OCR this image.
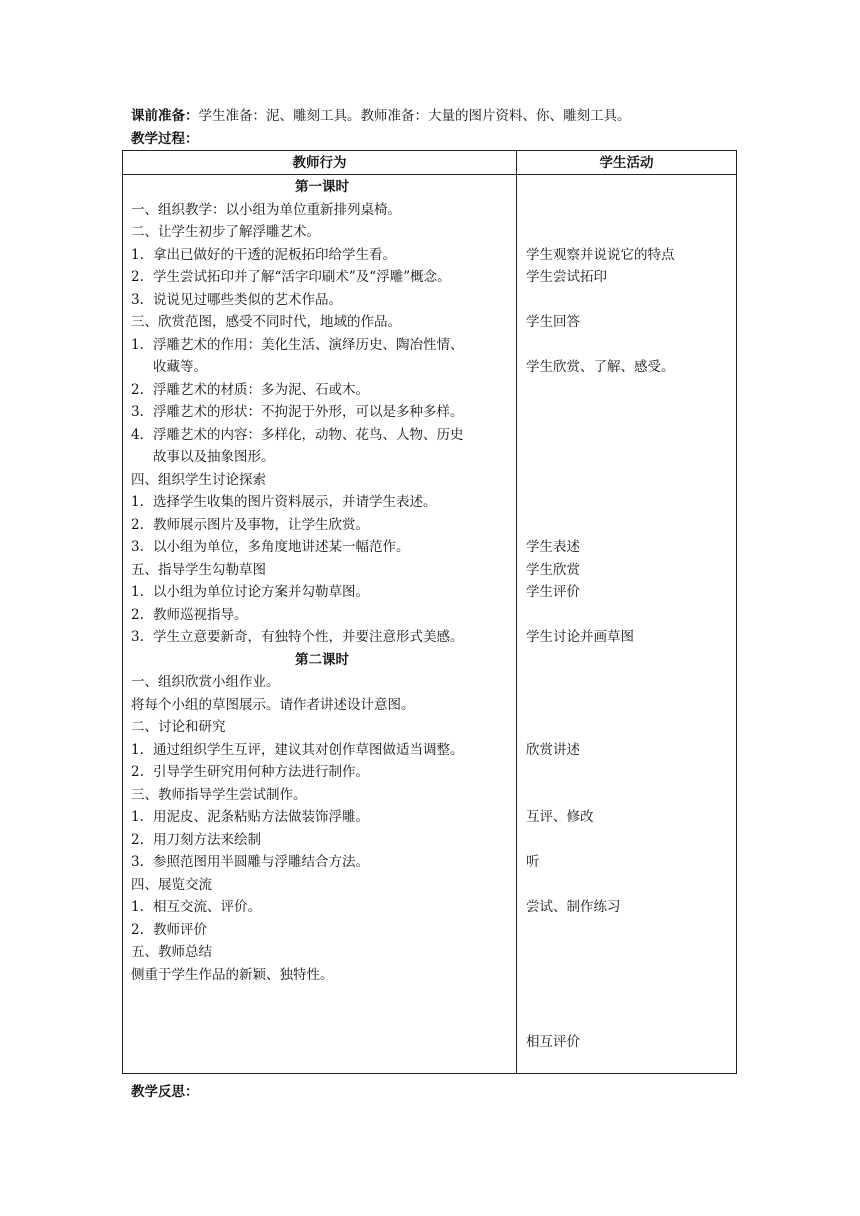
课前准备：学生准备：泥、雕刻工具。教师准备：大量的图片资料、你、雕刻工具。
教学过程：
教师行为	学生活动
第一课时
一、组织教学：以小组为单位重新排列桌椅。
二、让学生初步了解浮雕艺术。
1. 拿出已做好的干透的泥板拓印给学生看。
2. 学生尝试拓印并了解“活字印刷术”及“浮雕”概念。
3. 说说见过哪些类似的艺术作品。
三、欣赏范图，感受不同时代，地域的作品。
1. 浮雕艺术的作用：美化生活、演绎历史、陶冶性情、
收藏等。
2. 浮雕艺术的材质：多为泥、石或木。
3. 浮雕艺术的形状：不拘泥于外形，可以是多种多样。
4. 浮雕艺术的内容：多样化，动物、花鸟、人物、历史
故事以及抽象图形。
四、组织学生讨论探索
1. 选择学生收集的图片资料展示，并请学生表述。
2. 教师展示图片及事物，让学生欣赏。
3. 以小组为单位，多角度地讲述某一幅范作。
五、指导学生勾勒草图
1. 以小组为单位讨论方案并勾勒草图。
2. 教师巡视指导。
3. 学生立意要新奇，有独特个性，并要注意形式美感。
第二课时
一、组织欣赏小组作业。
将每个小组的草图展示。请作者讲述设计意图。
二、讨论和研究
1. 通过组织学生互评，建议其对创作草图做适当调整。
2. 引导学生研究用何种方法进行制作。
三、教师指导学生尝试制作。
1. 用泥皮、泥条粘贴方法做装饰浮雕。
2. 用刀刻方法来绘制
3. 参照范图用半圆雕与浮雕结合方法。
四、展览交流
1. 相互交流、评价。
2. 教师评价
五、教师总结
侧重于学生作品的新颖、独特性。
学生观察并说说它的特点
学生尝试拓印
学生回答
学生欣赏、了解、感受。
学生表述
学生欣赏
学生评价
学生讨论并画草图
欣赏讲述
互评、修改
听
尝试、制作练习
相互评价
教学反思：
